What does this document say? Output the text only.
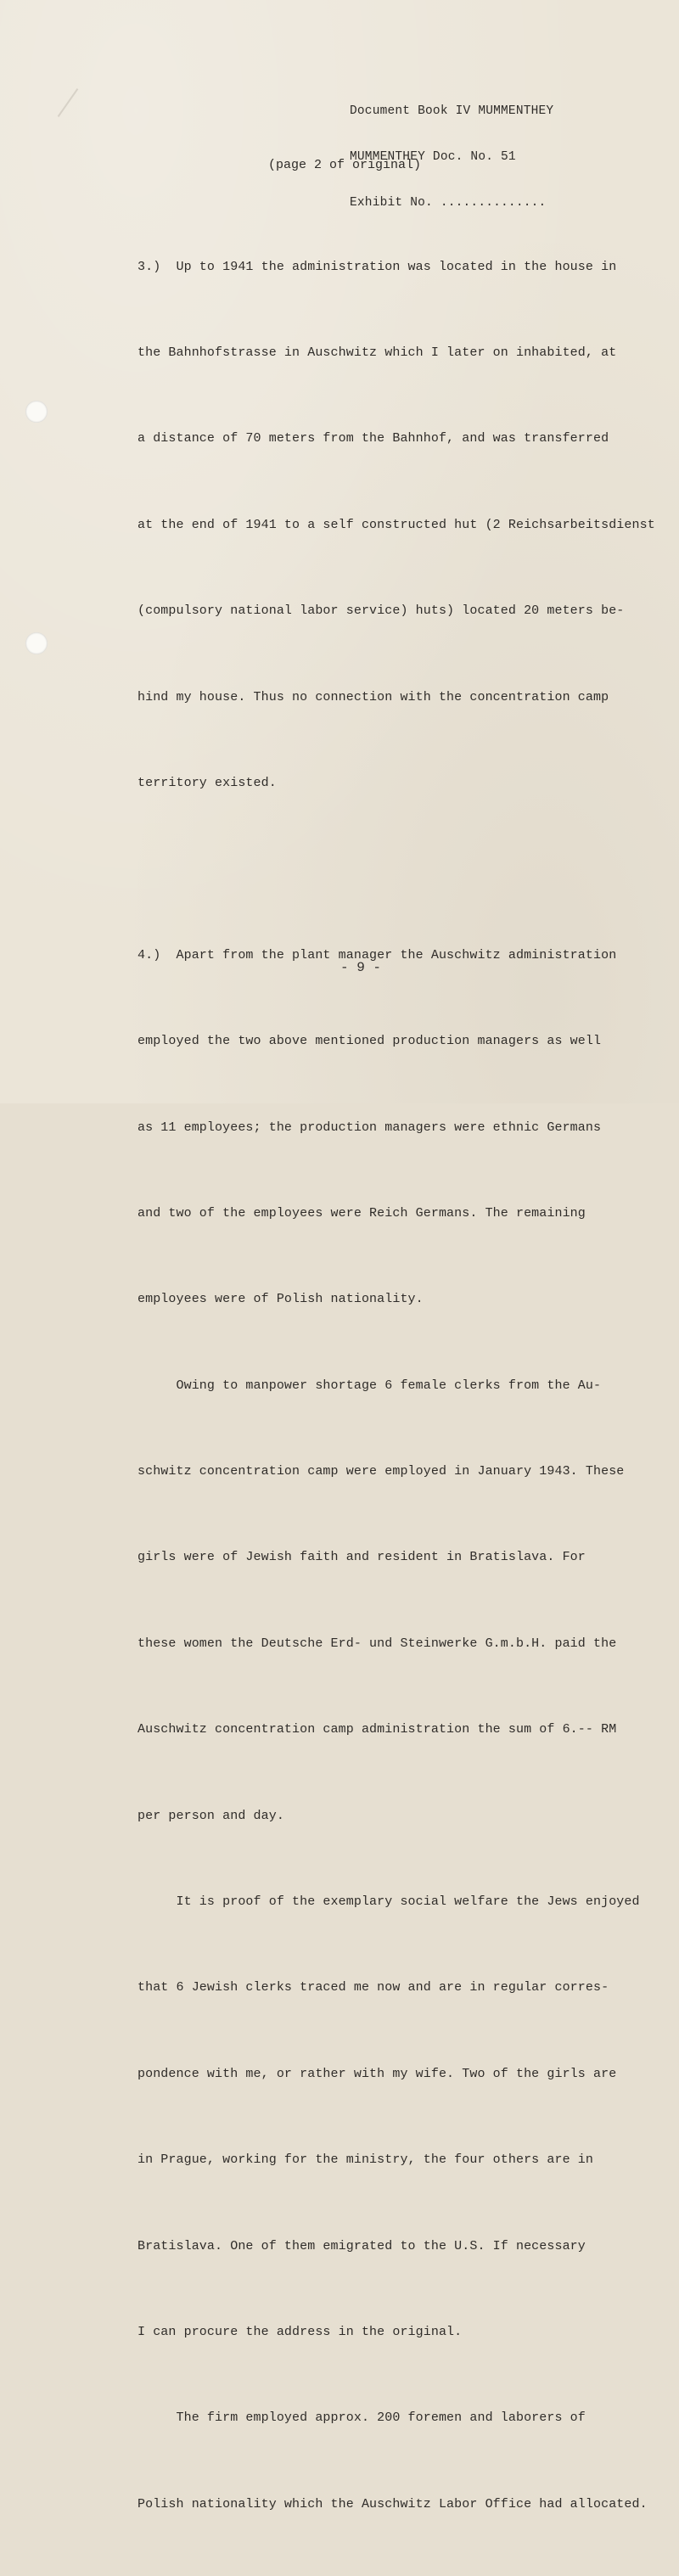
Document Book IV MUMMENTHEY

MUMMENTHEY Doc. No. 51

Exhibit No. ..............

(page 2 of original)

3.)  Up to 1941 the administration was located in the house in

the Bahnhofstrasse in Auschwitz which I later on inhabited, at

a distance of 70 meters from the Bahnhof, and was transferred

at the end of 1941 to a self constructed hut (2 Reichsarbeitsdienst

(compulsory national labor service) huts) located 20 meters be-

hind my house. Thus no connection with the concentration camp

territory existed.

4.)  Apart from the plant manager the Auschwitz administration

employed the two above mentioned production managers as well

as 11 employees; the production managers were ethnic Germans

and two of the employees were Reich Germans. The remaining

employees were of Polish nationality.

Owing to manpower shortage 6 female clerks from the Au-

schwitz concentration camp were employed in January 1943. These

girls were of Jewish faith and resident in Bratislava. For

these women the Deutsche Erd- und Steinwerke G.m.b.H. paid the

Auschwitz concentration camp administration the sum of 6.-- RM

per person and day.

It is proof of the exemplary social welfare the Jews enjoyed

that 6 Jewish clerks traced me now and are in regular corres-

pondence with me, or rather with my wife. Two of the girls are

in Prague, working for the ministry, the four others are in

Bratislava. One of them emigrated to the U.S. If necessary

I can procure the address in the original.

The firm employed approx. 200 foremen and laborers of

Polish nationality which the Auschwitz Labor Office had allocated.

- 9 -
